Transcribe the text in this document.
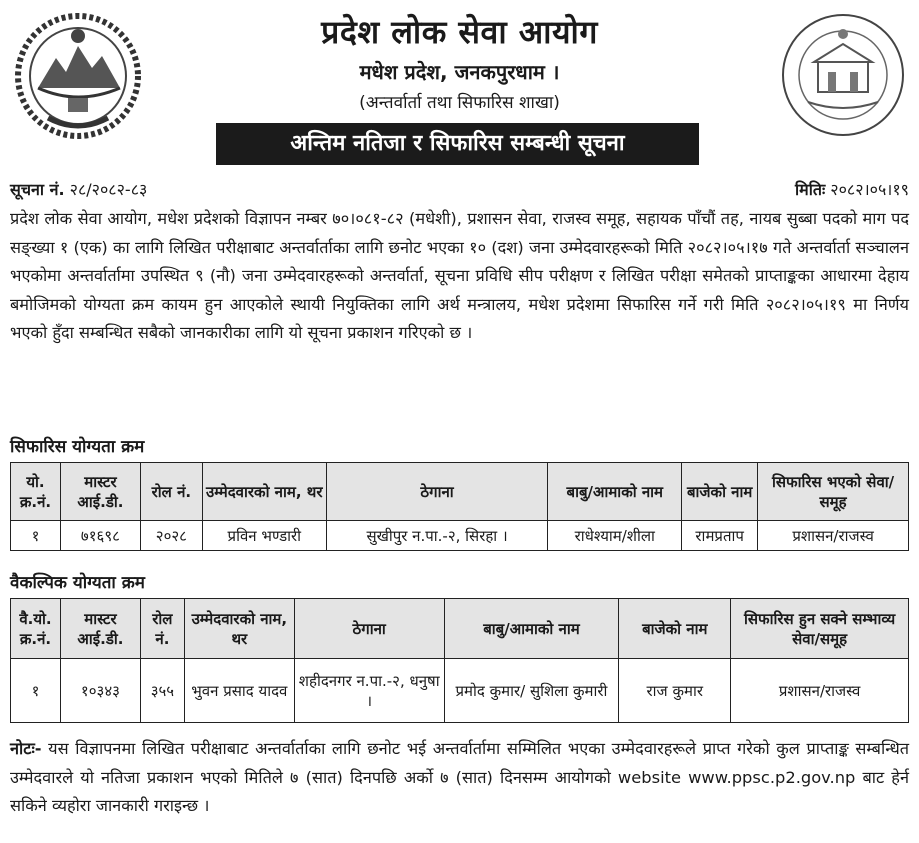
प्रदेश लोक सेवा आयोग
मधेश प्रदेश, जनकपुरधाम ।
(अन्तर्वार्ता तथा सिफारिस शाखा)
अन्तिम नतिजा र सिफारिस सम्बन्धी सूचना
सूचना नं. २८/२०८२-८३	मितिः २०८२।०५।१९

प्रदेश लोक सेवा आयोग, मधेश प्रदेशको विज्ञापन नम्बर ७०।०८१-८२ (मधेशी), प्रशासन सेवा, राजस्व समूह, सहायक पाँचौं तह, नायब सुब्बा पदको माग पद सङ्ख्या १ (एक) का लागि लिखित परीक्षाबाट अन्तर्वार्ताका लागि छनोट भएका १० (दश) जना उम्मेदवारहरूको मिति २०८२।०५।१७ गते अन्तर्वार्ता सञ्चालन भएकोमा अन्तर्वार्तामा उपस्थित ९ (नौ) जना उम्मेदवारहरूको अन्तर्वार्ता, सूचना प्रविधि सीप परीक्षण र लिखित परीक्षा समेतको प्राप्ताङ्कका आधारमा देहाय बमोजिमको योग्यता क्रम कायम हुन आएकोले स्थायी नियुक्तिका लागि अर्थ मन्त्रालय, मधेश प्रदेशमा सिफारिस गर्ने गरी मिति २०८२।०५।१९ मा निर्णय भएको हुँदा सम्बन्धित सबैको जानकारीका लागि यो सूचना प्रकाशन गरिएको छ ।

सिफारिस योग्यता क्रम
यो. क्र.नं.	मास्टर आई.डी.	रोल नं.	उम्मेदवारको नाम, थर	ठेगाना	बाबु/आमाको नाम	बाजेको नाम	सिफारिस भएको सेवा/समूह
१	७१६९८	२०२८	प्रविन भण्डारी	सुखीपुर न.पा.-२, सिरहा ।	राधेश्याम/शीला	रामप्रताप	प्रशासन/राजस्व
वैकल्पिक योग्यता क्रम
वै.यो. क्र.नं.	मास्टर आई.डी.	रोल नं.	उम्मेदवारको नाम, थर	ठेगाना	बाबु/आमाको नाम	बाजेको नाम	सिफारिस हुन सक्ने सम्भाव्य सेवा/समूह
१	१०३४३	३५५	भुवन प्रसाद यादव	शहीदनगर न.पा.-२, धनुषा ।	प्रमोद कुमार/ सुशिला कुमारी	राज कुमार	प्रशासन/राजस्व

नोटः- यस विज्ञापनमा लिखित परीक्षाबाट अन्तर्वार्ताका लागि छनोट भई अन्तर्वार्तामा सम्मिलित भएका उम्मेदवारहरूले प्राप्त गरेको कुल प्राप्ताङ्क सम्बन्धित उम्मेदवारले यो नतिजा प्रकाशन भएको मितिले ७ (सात) दिनपछि अर्को ७ (सात) दिनसम्म आयोगको website www.ppsc.p2.gov.np बाट हेर्न सकिने व्यहोरा जानकारी गराइन्छ ।
